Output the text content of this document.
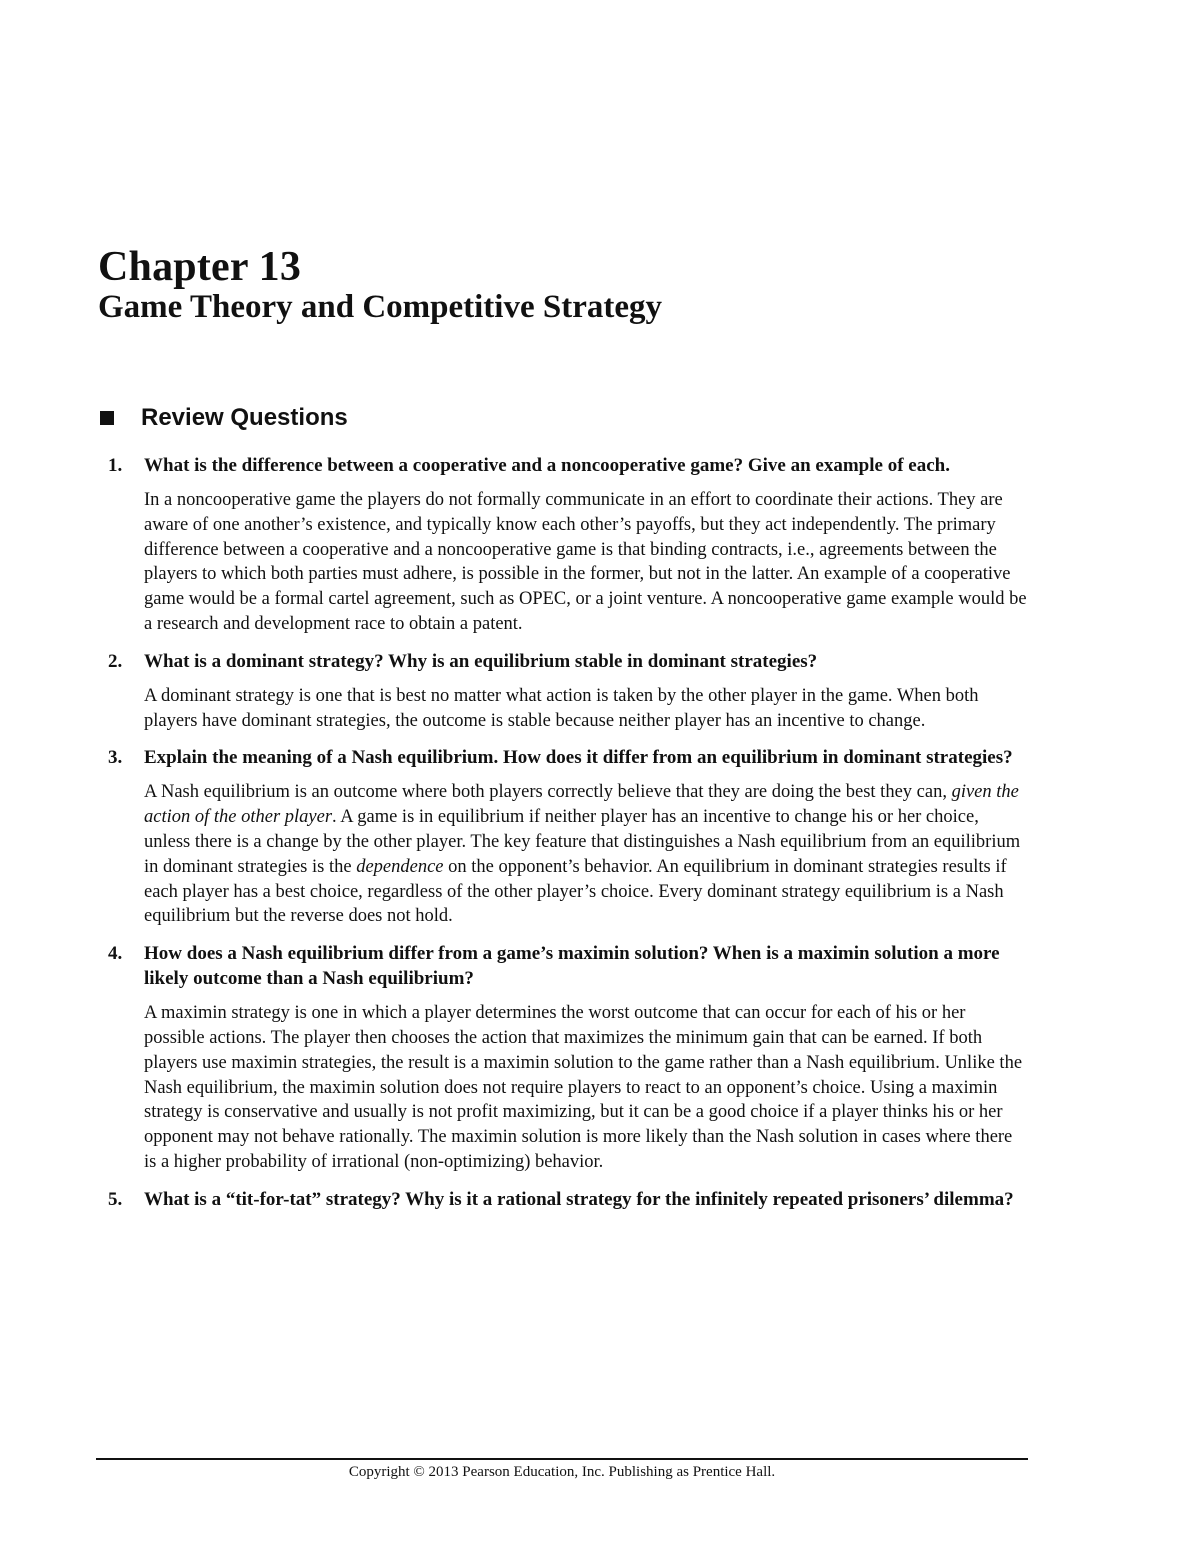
Chapter 13
Game Theory and Competitive Strategy
Review Questions
1. What is the difference between a cooperative and a noncooperative game? Give an example of each.
In a noncooperative game the players do not formally communicate in an effort to coordinate their actions. They are aware of one another’s existence, and typically know each other’s payoffs, but they act independently. The primary difference between a cooperative and a noncooperative game is that binding contracts, i.e., agreements between the players to which both parties must adhere, is possible in the former, but not in the latter. An example of a cooperative game would be a formal cartel agreement, such as OPEC, or a joint venture. A noncooperative game example would be a research and development race to obtain a patent.
2. What is a dominant strategy? Why is an equilibrium stable in dominant strategies?
A dominant strategy is one that is best no matter what action is taken by the other player in the game. When both players have dominant strategies, the outcome is stable because neither player has an incentive to change.
3. Explain the meaning of a Nash equilibrium. How does it differ from an equilibrium in dominant strategies?
A Nash equilibrium is an outcome where both players correctly believe that they are doing the best they can, given the action of the other player. A game is in equilibrium if neither player has an incentive to change his or her choice, unless there is a change by the other player. The key feature that distinguishes a Nash equilibrium from an equilibrium in dominant strategies is the dependence on the opponent’s behavior. An equilibrium in dominant strategies results if each player has a best choice, regardless of the other player’s choice. Every dominant strategy equilibrium is a Nash equilibrium but the reverse does not hold.
4. How does a Nash equilibrium differ from a game’s maximin solution? When is a maximin solution a more likely outcome than a Nash equilibrium?
A maximin strategy is one in which a player determines the worst outcome that can occur for each of his or her possible actions. The player then chooses the action that maximizes the minimum gain that can be earned. If both players use maximin strategies, the result is a maximin solution to the game rather than a Nash equilibrium. Unlike the Nash equilibrium, the maximin solution does not require players to react to an opponent’s choice. Using a maximin strategy is conservative and usually is not profit maximizing, but it can be a good choice if a player thinks his or her opponent may not behave rationally. The maximin solution is more likely than the Nash solution in cases where there is a higher probability of irrational (non-optimizing) behavior.
5. What is a “tit-for-tat” strategy? Why is it a rational strategy for the infinitely repeated prisoners’ dilemma?
Copyright © 2013 Pearson Education, Inc. Publishing as Prentice Hall.
